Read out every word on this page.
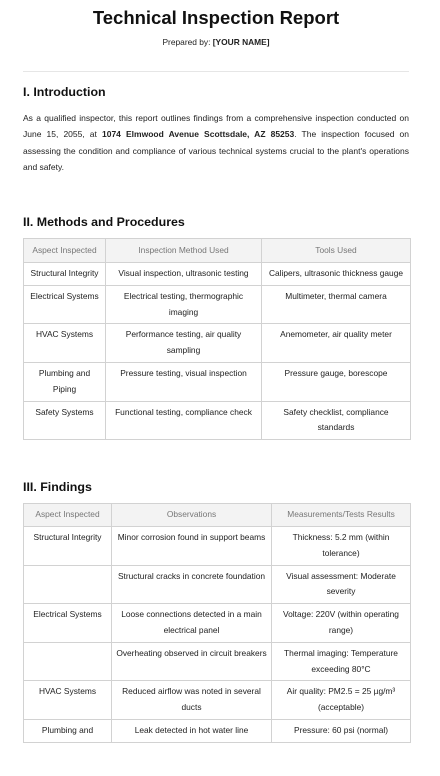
Technical Inspection Report
Prepared by: [YOUR NAME]
I. Introduction

As a qualified inspector, this report outlines findings from a comprehensive inspection conducted on June 15, 2055, at 1074 Elmwood Avenue Scottsdale, AZ 85253. The inspection focused on assessing the condition and compliance of various technical systems crucial to the plant's operations and safety.

II. Methods and Procedures
Aspect Inspected	Inspection Method Used	Tools Used
Structural Integrity	Visual inspection, ultrasonic testing	Calipers, ultrasonic thickness gauge
Electrical Systems	Electrical testing, thermographic imaging	Multimeter, thermal camera
HVAC Systems	Performance testing, air quality sampling	Anemometer, air quality meter
Plumbing and Piping	Pressure testing, visual inspection	Pressure gauge, borescope
Safety Systems	Functional testing, compliance check	Safety checklist, compliance standards
III. Findings
Aspect Inspected	Observations	Measurements/Tests Results
Structural Integrity	Minor corrosion found in support beams	Thickness: 5.2 mm (within tolerance)
	Structural cracks in concrete foundation	Visual assessment: Moderate severity
Electrical Systems	Loose connections detected in a main electrical panel	Voltage: 220V (within operating range)
	Overheating observed in circuit breakers	Thermal imaging: Temperature exceeding 80°C
HVAC Systems	Reduced airflow was noted in several ducts	Air quality: PM2.5 = 25 µg/m³ (acceptable)
Plumbing and	Leak detected in hot water line	Pressure: 60 psi (normal)
